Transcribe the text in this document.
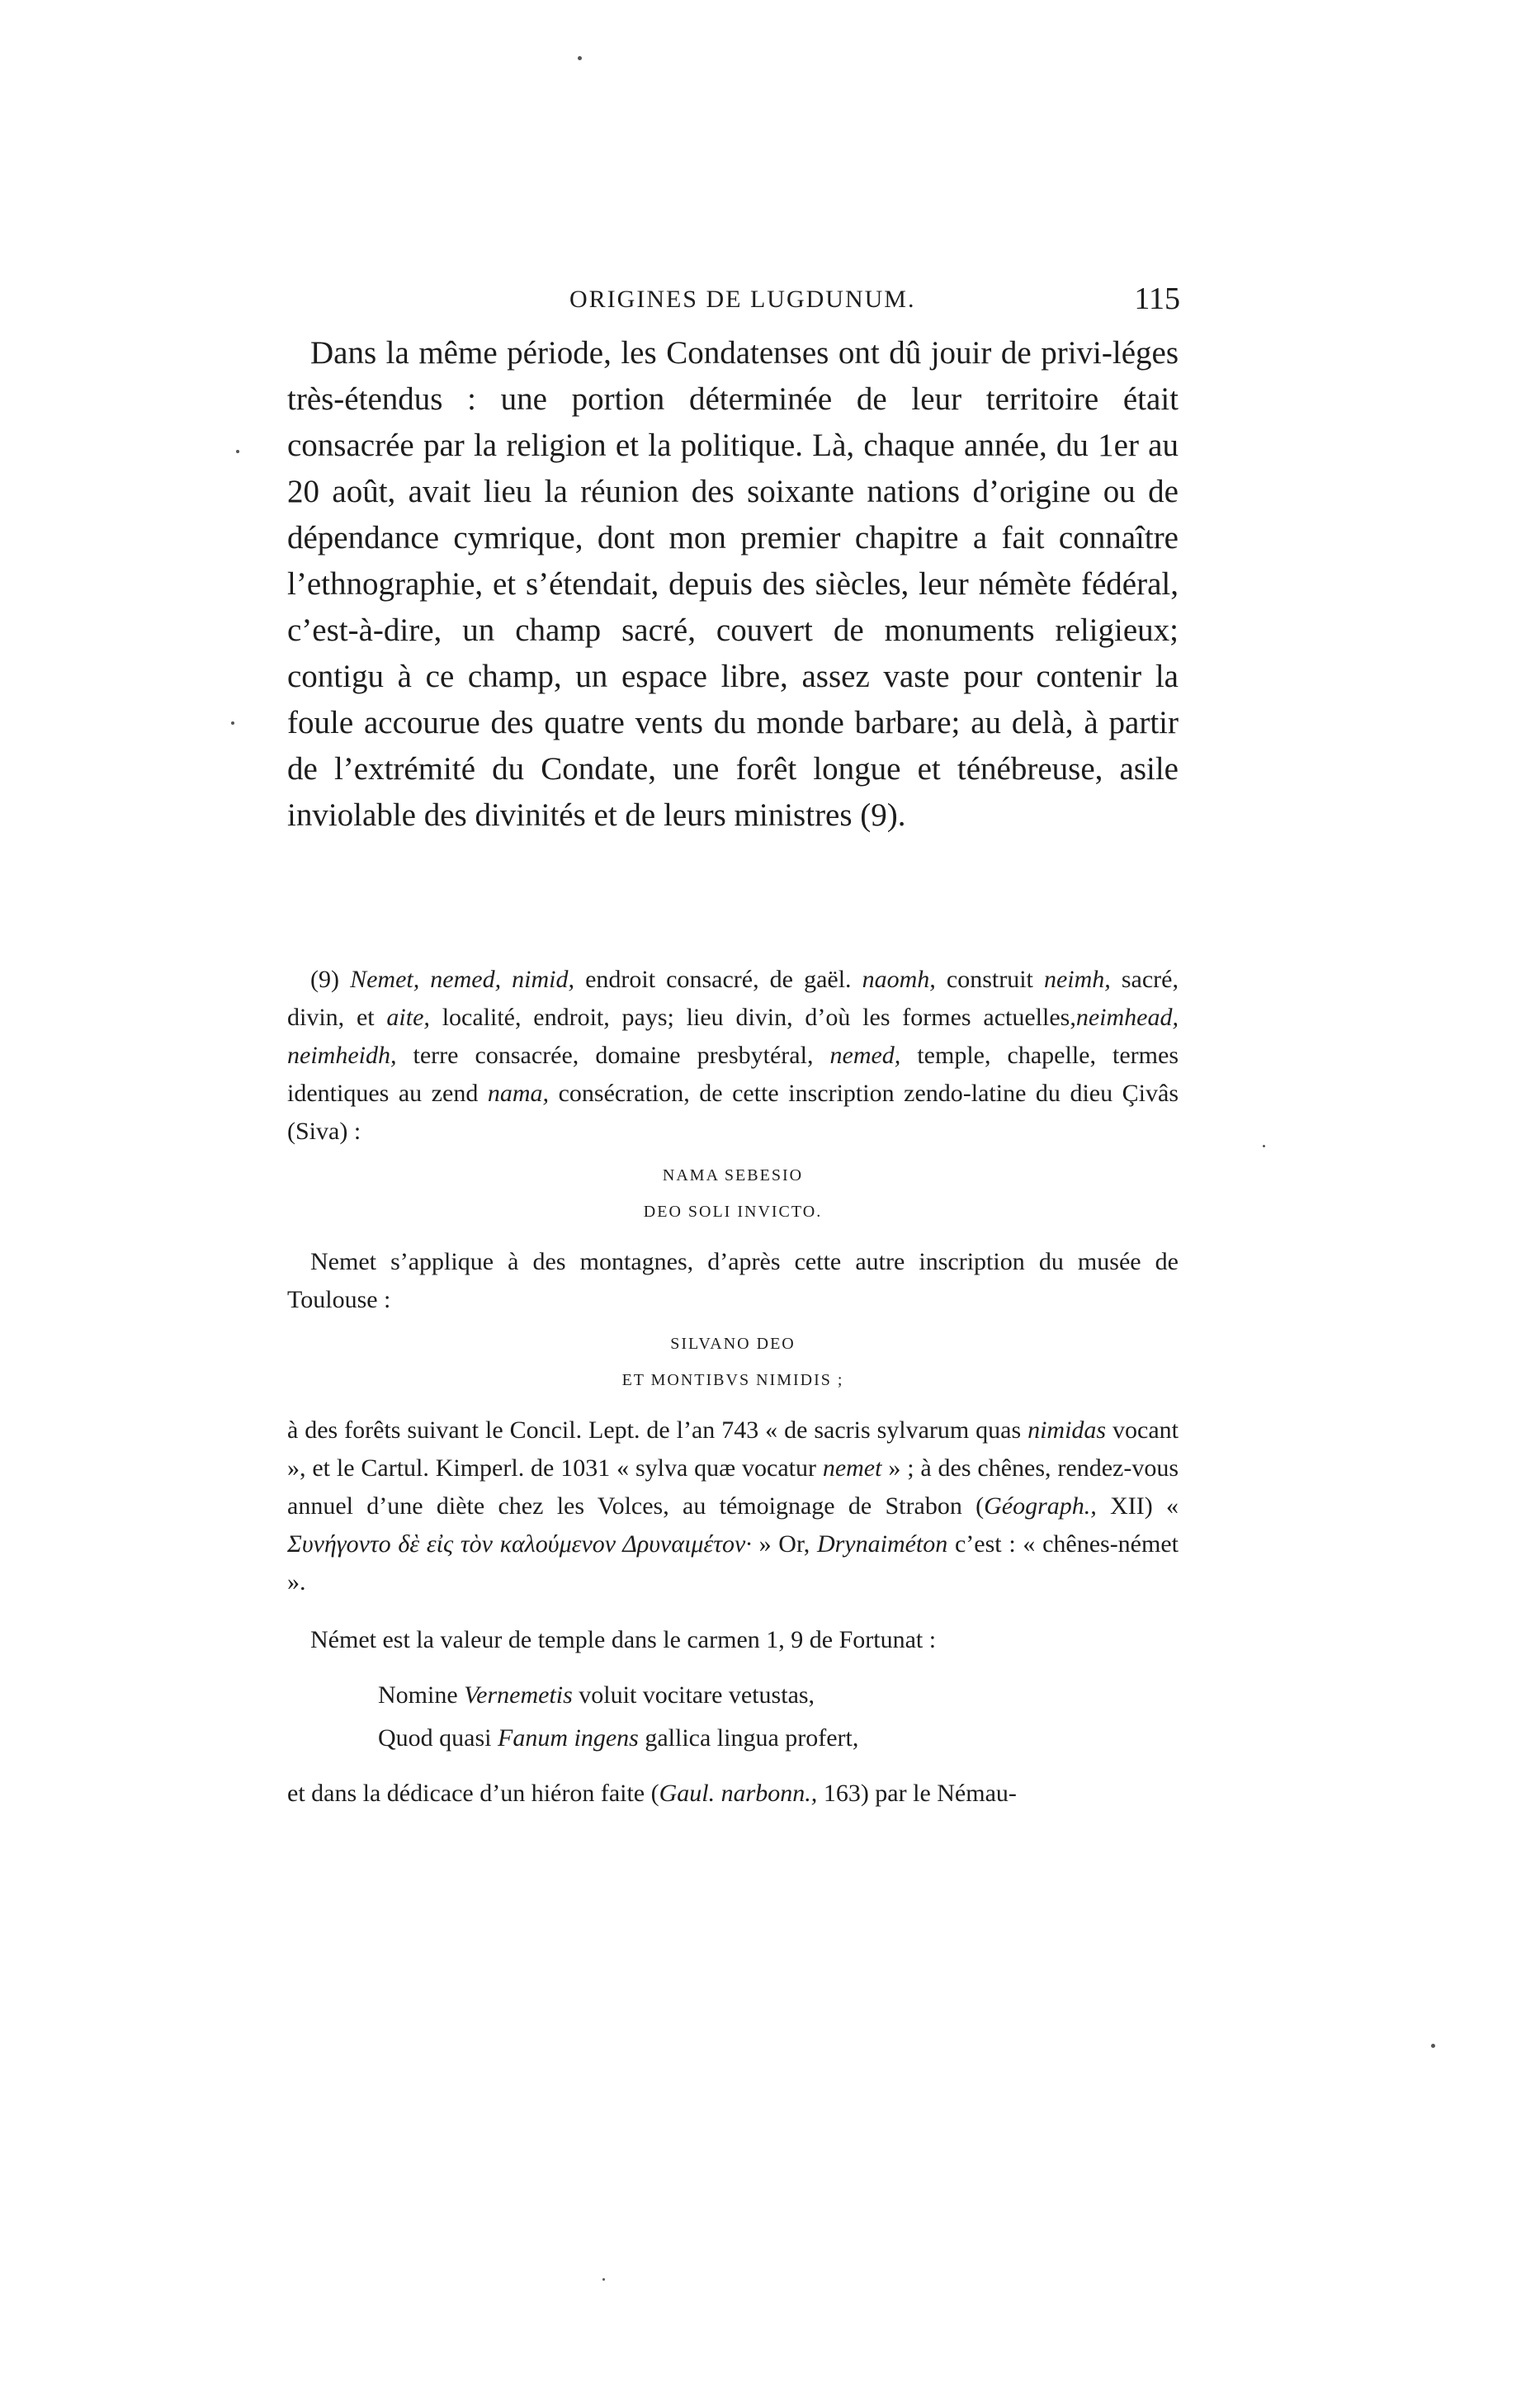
ORIGINES DE LUGDUNUM.	115

Dans la même période, les Condatenses ont dû jouir de privi-léges très-étendus : une portion déterminée de leur territoire était consacrée par la religion et la politique. Là, chaque année, du 1er au 20 août, avait lieu la réunion des soixante nations d’origine ou de dépendance cymrique, dont mon premier chapitre a fait connaître l’ethnographie, et s’étendait, depuis des siècles, leur némète fédéral, c’est-à-dire, un champ sacré, couvert de monuments religieux; contigu à ce champ, un espace libre, assez vaste pour contenir la foule accourue des quatre vents du monde barbare; au delà, à partir de l’extrémité du Condate, une forêt longue et ténébreuse, asile inviolable des divinités et de leurs ministres (9).

(9) Nemet, nemed, nimid, endroit consacré, de gaël. naomh, construit neimh, sacré, divin, et aite, localité, endroit, pays; lieu divin, d’où les formes actuelles,neimhead, neimheidh, terre consacrée, domaine presbytéral, nemed, temple, chapelle, termes identiques au zend nama, consécration, de cette inscription zendo-latine du dieu Çivâs (Siva) :

NAMA SEBESIO
DEO SOLI INVICTO.

Nemet s’applique à des montagnes, d’après cette autre inscription du musée de Toulouse :

SILVANO DEO
ET MONTIBVS NIMIDIS ;

à des forêts suivant le Concil. Lept. de l’an 743 « de sacris sylvarum quas nimidas vocant », et le Cartul. Kimperl. de 1031 « sylva quæ vocatur nemet » ; à des chênes, rendez-vous annuel d’une diète chez les Volces, au témoignage de Strabon (Géograph., XII) « Συνήγοντο δὲ εἰς τὸν καλούμενον Δρυναιμέτον· » Or, Drynaiméton c’est : « chênes-német ».

Német est la valeur de temple dans le carmen 1, 9 de Fortunat :

Nomine Vernemetis voluit vocitare vetustas,
Quod quasi Fanum ingens gallica lingua profert,

et dans la dédicace d’un hiéron faite (Gaul. narbonn., 163) par le Némau-
